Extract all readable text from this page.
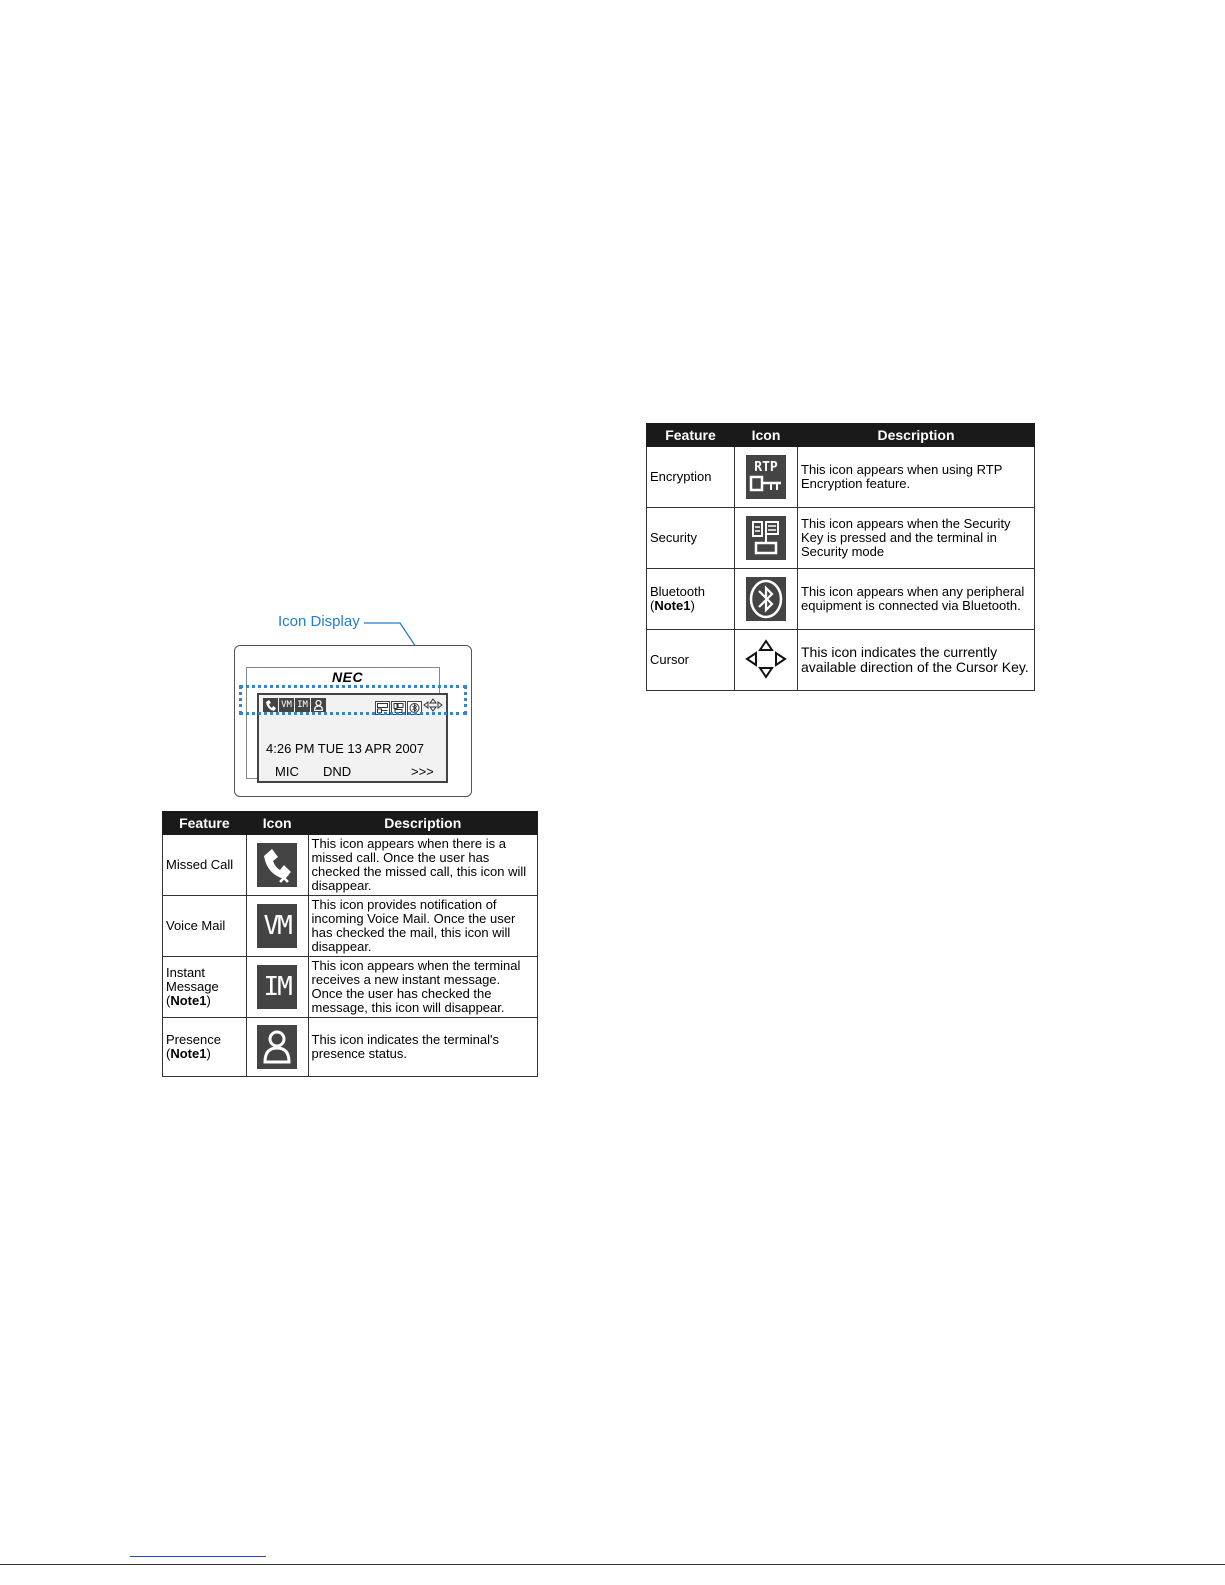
Icon Display
NEC
VM IM
4:26 PM TUE 13 APR 2007
MIC DND	>>>
Feature	Icon	Description
Missed Call		This icon appears when there is a missed call. Once the user has checked the missed call, this icon will disappear.
Voice Mail	VM	This icon provides notification of incoming Voice Mail. Once the user has checked the mail, this icon will disappear.
Instant Message
(Note1)	IM	This icon appears when the terminal receives a new instant message. Once the user has checked the message, this icon will disappear.
Presence
(Note1)		This icon indicates the terminal's presence status.
Feature	Icon	Description
Encryption	RTP	This icon appears when using RTP Encryption feature.
Security		This icon appears when the Security Key is pressed and the terminal in Security mode
Bluetooth
(Note1)		This icon appears when any peripheral equipment is connected via Bluetooth.
Cursor		This icon indicates the currently available direction of the Cursor Key.
